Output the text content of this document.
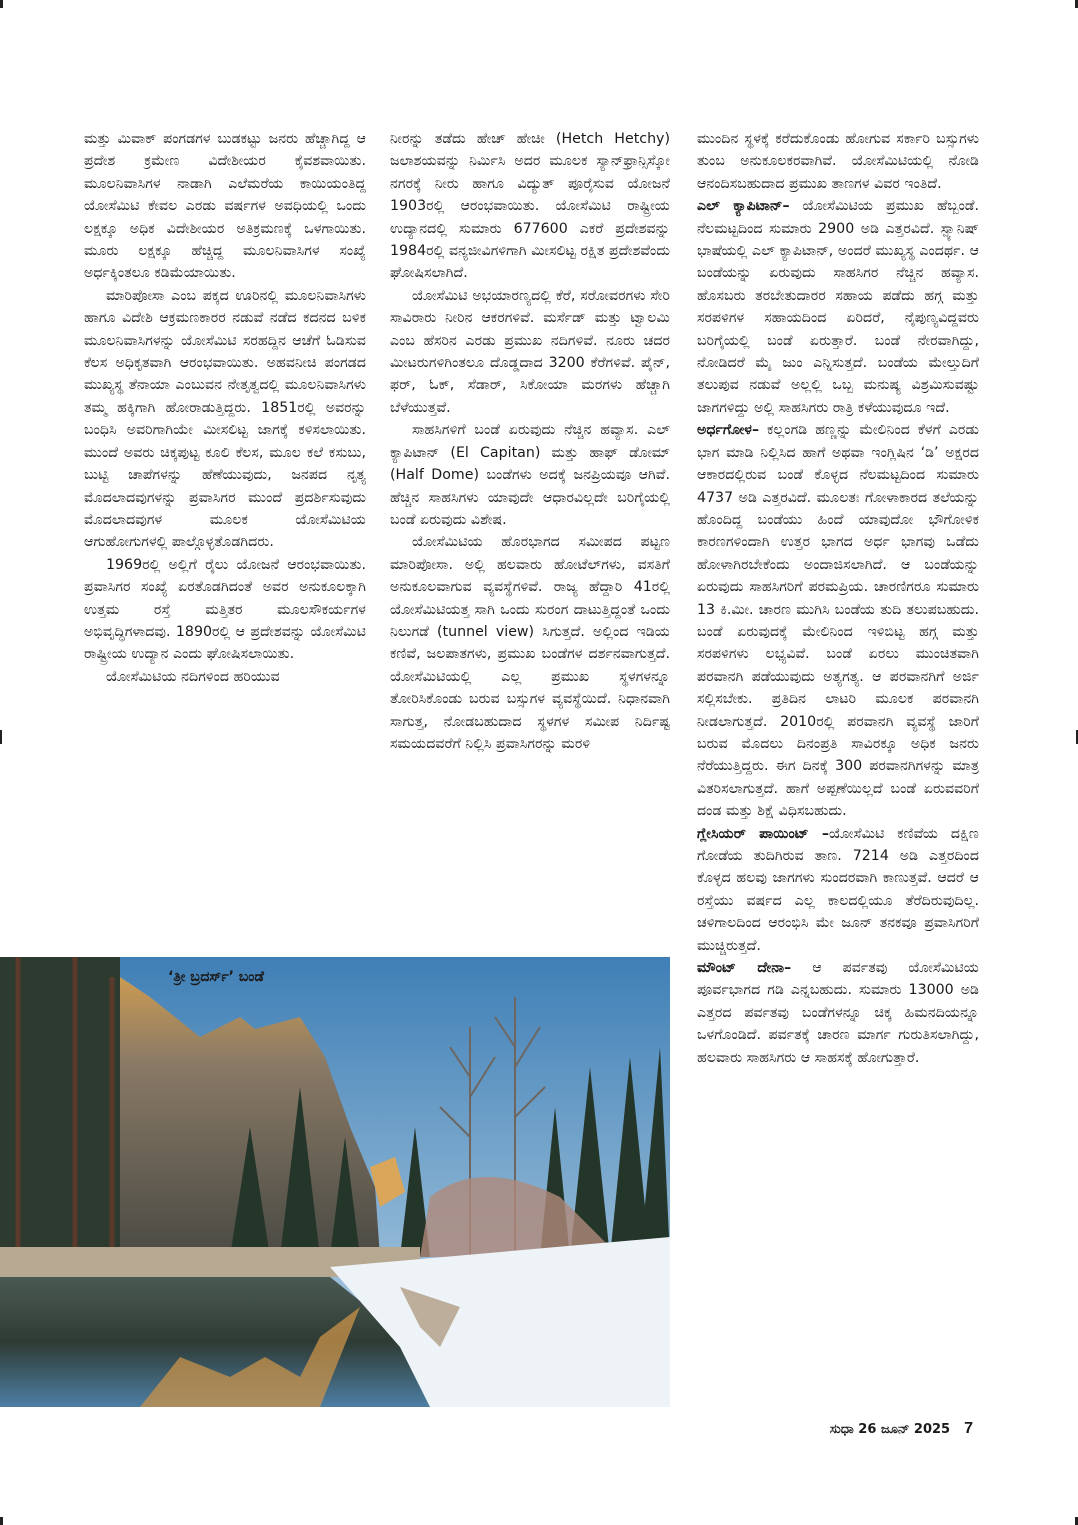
ಮತ್ತು ಮಿವಾಕ್ ಪಂಗಡಗಳ ಬುಡಕಟ್ಟು ಜನರು ಹೆಚ್ಚಾಗಿದ್ದ ಆ ಪ್ರದೇಶ ಕ್ರಮೇಣ ವಿದೇಶೀಯರ ಕೈವಶವಾಯಿತು. ಮೂಲನಿವಾಸಿಗಳ ನಾಡಾಗಿ ಎಲೆಮರೆಯ ಕಾಯಿಯಂತಿದ್ದ ಯೋಸೆಮಿಟಿ ಕೇವಲ ಎರಡು ವರ್ಷಗಳ ಅವಧಿಯಲ್ಲಿ ಒಂದು ಲಕ್ಷಕ್ಕೂ ಅಧಿಕ ವಿದೇಶೀಯರ ಅತಿಕ್ರಮಣಕ್ಕೆ ಒಳಗಾಯಿತು. ಮೂರು ಲಕ್ಷಕ್ಕೂ ಹೆಚ್ಚಿದ್ದ ಮೂಲನಿವಾಸಿಗಳ ಸಂಖ್ಯೆ ಅರ್ಧಕ್ಕಿಂತಲೂ ಕಡಿಮೆಯಾಯಿತು.

ಮಾರಿಪೋಸಾ ಎಂಬ ಪಕ್ಕದ ಊರಿನಲ್ಲಿ ಮೂಲನಿವಾಸಿಗಳು ಹಾಗೂ ವಿದೇಶಿ ಆಕ್ರಮಣಕಾರರ ನಡುವೆ ನಡೆದ ಕದನದ ಬಳಿಕ ಮೂಲನಿವಾಸಿಗಳನ್ನು ಯೋಸೆಮಿಟಿ ಸರಹದ್ದಿನ ಆಚೆಗೆ ಓಡಿಸುವ ಕೆಲಸ ಅಧಿಕೃತವಾಗಿ ಆರಂಭವಾಯಿತು. ಅಹವನೀಚಿ ಪಂಗಡದ ಮುಖ್ಯಸ್ಥ ತೆನಾಯಾ ಎಂಬುವನ ನೇತೃತ್ವದಲ್ಲಿ ಮೂಲನಿವಾಸಿಗಳು ತಮ್ಮ ಹಕ್ಕಿಗಾಗಿ ಹೋರಾಡುತ್ತಿದ್ದರು. 1851ರಲ್ಲಿ ಅವರನ್ನು ಬಂಧಿಸಿ ಅವರಿಗಾಗಿಯೇ ಮೀಸಲಿಟ್ಟ ಜಾಗಕ್ಕೆ ಕಳಿಸಲಾಯಿತು. ಮುಂದೆ ಅವರು ಚಿಕ್ಕಪುಟ್ಟ ಕೂಲಿ ಕೆಲಸ, ಮೂಲ ಕಲೆ ಕಸುಬು, ಬುಟ್ಟಿ ಚಾಪೆಗಳನ್ನು ಹೆಣೆಯುವುದು, ಜನಪದ ನೃತ್ಯ ಮೊದಲಾದವುಗಳನ್ನು ಪ್ರವಾಸಿಗರ ಮುಂದೆ ಪ್ರದರ್ಶಿಸುವುದು ಮೊದಲಾದವುಗಳ ಮೂಲಕ ಯೋಸೆಮಿಟಿಯ ಆಗುಹೋಗುಗಳಲ್ಲಿ ಪಾಲ್ಗೊಳ್ಳತೊಡಗಿದರು.

1969ರಲ್ಲಿ ಅಲ್ಲಿಗೆ ರೈಲು ಯೋಜನೆ ಆರಂಭವಾಯಿತು. ಪ್ರವಾಸಿಗರ ಸಂಖ್ಯೆ ಏರತೊಡಗಿದಂತೆ ಅವರ ಅನುಕೂಲಕ್ಕಾಗಿ ಉತ್ತಮ ರಸ್ತೆ ಮತ್ತಿತರ ಮೂಲಸೌಕರ್ಯಗಳ ಅಭಿವೃದ್ಧಿಗಳಾದವು. 1890ರಲ್ಲಿ ಆ ಪ್ರದೇಶವನ್ನು ಯೋಸೆಮಿಟಿ ರಾಷ್ಟ್ರೀಯ ಉದ್ಯಾನ ಎಂದು ಘೋಷಿಸಲಾಯಿತು.

ಯೋಸೆಮಿಟಿಯ ನದಿಗಳಿಂದ ಹರಿಯುವ

ನೀರನ್ನು ತಡೆದು ಹೇಚ್ ಹೇಚೀ (Hetch Hetchy) ಜಲಾಶಯವನ್ನು ನಿರ್ಮಿಸಿ ಅದರ ಮೂಲಕ ಸ್ಯಾನ್‌ಫ್ರಾನ್ಸಿಸ್ಕೋ ನಗರಕ್ಕೆ ನೀರು ಹಾಗೂ ವಿದ್ಯುತ್ ಪೂರೈಸುವ ಯೋಜನೆ 1903ರಲ್ಲಿ ಆರಂಭವಾಯಿತು. ಯೋಸೆಮಿಟಿ ರಾಷ್ಟ್ರೀಯ ಉದ್ಯಾನದಲ್ಲಿ ಸುಮಾರು 677600 ಎಕರೆ ಪ್ರದೇಶವನ್ನು 1984ರಲ್ಲಿ ವನ್ಯಜೀವಿಗಳಿಗಾಗಿ ಮೀಸಲಿಟ್ಟ ರಕ್ಷಿತ ಪ್ರದೇಶವೆಂದು ಘೋಷಿಸಲಾಗಿದೆ.

ಯೋಸೆಮಿಟಿ ಅಭಯಾರಣ್ಯದಲ್ಲಿ ಕೆರೆ, ಸರೋವರಗಳು ಸೇರಿ ಸಾವಿರಾರು ನೀರಿನ ಆಕರಗಳಿವೆ. ಮರ್ಸೆಡ್ ಮತ್ತು ಟ್ವಾಲಮಿ ಎಂಬ ಹೆಸರಿನ ಎರಡು ಪ್ರಮುಖ ನದಿಗಳಿವೆ. ನೂರು ಚದರ ಮೀಟರುಗಳಿಗಿಂತಲೂ ದೊಡ್ಡದಾದ 3200 ಕೆರೆಗಳಿವೆ. ಪೈನ್, ಫರ್, ಓಕ್, ಸೆಡಾರ್, ಸಿಕೋಯಾ ಮರಗಳು ಹೆಚ್ಚಾಗಿ ಬೆಳೆಯುತ್ತವೆ.

ಸಾಹಸಿಗಳಿಗೆ ಬಂಡೆ ಏರುವುದು ನೆಚ್ಚಿನ ಹವ್ಯಾಸ. ಎಲ್ ಕ್ಯಾಪಿಟಾನ್ (El Capitan) ಮತ್ತು ಹಾಫ್ ಡೋಮ್ (Half Dome) ಬಂಡೆಗಳು ಅದಕ್ಕೆ ಜನಪ್ರಿಯವೂ ಆಗಿವೆ. ಹೆಚ್ಚಿನ ಸಾಹಸಿಗಳು ಯಾವುದೇ ಆಧಾರವಿಲ್ಲದೇ ಬರಿಗೈಯಲ್ಲಿ ಬಂಡೆ ಏರುವುದು ವಿಶೇಷ.

ಯೋಸೆಮಿಟಿಯ ಹೊರಭಾಗದ ಸಮೀಪದ ಪಟ್ಟಣ ಮಾರಿಪೋಸಾ. ಅಲ್ಲಿ ಹಲವಾರು ಹೋಟೆಲ್‌ಗಳು, ವಸತಿಗೆ ಅನುಕೂಲವಾಗುವ ವ್ಯವಸ್ಥೆಗಳಿವೆ. ರಾಜ್ಯ ಹೆದ್ದಾರಿ 41ರಲ್ಲಿ ಯೋಸೆಮಿಟಿಯತ್ತ ಸಾಗಿ ಒಂದು ಸುರಂಗ ದಾಟುತ್ತಿದ್ದಂತೆ ಒಂದು ನಿಲುಗಡೆ (tunnel view) ಸಿಗುತ್ತದೆ. ಅಲ್ಲಿಂದ ಇಡಿಯ ಕಣಿವೆ, ಜಲಪಾತಗಳು, ಪ್ರಮುಖ ಬಂಡೆಗಳ ದರ್ಶನವಾಗುತ್ತದೆ. ಯೋಸೆಮಿಟಿಯಲ್ಲಿ ಎಲ್ಲ ಪ್ರಮುಖ ಸ್ಥಳಗಳನ್ನೂ ತೋರಿಸಿಕೊಂಡು ಬರುವ ಬಸ್ಸುಗಳ ವ್ಯವಸ್ಥೆಯಿದೆ. ನಿಧಾನವಾಗಿ ಸಾಗುತ್ತ, ನೋಡಬಹುದಾದ ಸ್ಥಳಗಳ ಸಮೀಪ ನಿರ್ದಿಷ್ಟ ಸಮಯದವರೆಗೆ ನಿಲ್ಲಿಸಿ ಪ್ರವಾಸಿಗರನ್ನು ಮರಳಿ

ಮುಂದಿನ ಸ್ಥಳಕ್ಕೆ ಕರೆದುಕೊಂಡು ಹೋಗುವ ಸರ್ಕಾರಿ ಬಸ್ಸುಗಳು ತುಂಬ ಅನುಕೂಲಕರವಾಗಿವೆ. ಯೋಸೆಮಿಟಿಯಲ್ಲಿ ನೋಡಿ ಆನಂದಿಸಬಹುದಾದ ಪ್ರಮುಖ ತಾಣಗಳ ವಿವರ ಇಂತಿದೆ.

ಎಲ್ ಕ್ಯಾಪಿಟಾನ್– ಯೋಸೆಮಿಟಿಯ ಪ್ರಮುಖ ಹೆಬ್ಬಂಡೆ. ನೆಲಮಟ್ಟದಿಂದ ಸುಮಾರು 2900 ಅಡಿ ಎತ್ತರವಿದೆ. ಸ್ಪ್ಯಾನಿಷ್ ಭಾಷೆಯಲ್ಲಿ ಎಲ್ ಕ್ಯಾಪಿಟಾನ್, ಅಂದರೆ ಮುಖ್ಯಸ್ಥ ಎಂದರ್ಥ. ಆ ಬಂಡೆಯನ್ನು ಏರುವುದು ಸಾಹಸಿಗರ ನೆಚ್ಚಿನ ಹವ್ಯಾಸ. ಹೊಸಬರು ತರಬೇತುದಾರರ ಸಹಾಯ ಪಡೆದು ಹಗ್ಗ ಮತ್ತು ಸರಪಳಿಗಳ ಸಹಾಯದಿಂದ ಏರಿದರೆ, ನೈಪುಣ್ಯವಿದ್ದವರು ಬರಿಗೈಯಲ್ಲಿ ಬಂಡೆ ಏರುತ್ತಾರೆ. ಬಂಡೆ ನೇರವಾಗಿದ್ದು, ನೋಡಿದರೆ ಮೈ ಜುಂ ಎನ್ನಿಸುತ್ತದೆ. ಬಂಡೆಯ ಮೇಲ್ತುದಿಗೆ ತಲುಪುವ ನಡುವೆ ಅಲ್ಲಲ್ಲಿ ಒಬ್ಬ ಮನುಷ್ಯ ವಿಶ್ರಮಿಸುವಷ್ಟು ಜಾಗಗಳಿದ್ದು ಅಲ್ಲಿ ಸಾಹಸಿಗರು ರಾತ್ರಿ ಕಳೆಯುವುದೂ ಇದೆ.

ಅರ್ಧಗೋಳ– ಕಲ್ಲಂಗಡಿ ಹಣ್ಣನ್ನು ಮೇಲಿನಿಂದ ಕೆಳಗೆ ಎರಡು ಭಾಗ ಮಾಡಿ ನಿಲ್ಲಿಸಿದ ಹಾಗೆ ಅಥವಾ ಇಂಗ್ಲಿಷಿನ ‘ಡಿ’ ಅಕ್ಷರದ ಆಕಾರದಲ್ಲಿರುವ ಬಂಡೆ ಕೊಳ್ಳದ ನೆಲಮಟ್ಟದಿಂದ ಸುಮಾರು 4737 ಅಡಿ ಎತ್ತರವಿದೆ. ಮೂಲತಃ ಗೋಳಾಕಾರದ ತಲೆಯನ್ನು ಹೊಂದಿದ್ದ ಬಂಡೆಯು ಹಿಂದೆ ಯಾವುದೋ ಭೌಗೋಳಿಕ ಕಾರಣಗಳಿಂದಾಗಿ ಉತ್ತರ ಭಾಗದ ಅರ್ಧ ಭಾಗವು ಒಡೆದು ಹೋಳಾಗಿರಬೇಕೆಂದು ಅಂದಾಜಿಸಲಾಗಿದೆ. ಆ ಬಂಡೆಯನ್ನು ಏರುವುದು ಸಾಹಸಿಗರಿಗೆ ಪರಮಪ್ರಿಯ. ಚಾರಣಿಗರೂ ಸುಮಾರು 13 ಕಿ.ಮೀ. ಚಾರಣ ಮುಗಿಸಿ ಬಂಡೆಯ ತುದಿ ತಲುಪಬಹುದು. ಬಂಡೆ ಏರುವುದಕ್ಕೆ ಮೇಲಿನಿಂದ ಇಳಿಬಿಟ್ಟ ಹಗ್ಗ ಮತ್ತು ಸರಪಳಿಗಳು ಲಭ್ಯವಿವೆ. ಬಂಡೆ ಏರಲು ಮುಂಚಿತವಾಗಿ ಪರವಾನಗಿ ಪಡೆಯುವುದು ಅತ್ಯಗತ್ಯ. ಆ ಪರವಾನಗಿಗೆ ಅರ್ಜಿ ಸಲ್ಲಿಸಬೇಕು. ಪ್ರತಿದಿನ ಲಾಟರಿ ಮೂಲಕ ಪರವಾನಗಿ ನೀಡಲಾಗುತ್ತದೆ. 2010ರಲ್ಲಿ ಪರವಾನಗಿ ವ್ಯವಸ್ಥೆ ಜಾರಿಗೆ ಬರುವ ಮೊದಲು ದಿನಂಪ್ರತಿ ಸಾವಿರಕ್ಕೂ ಅಧಿಕ ಜನರು ನೆರೆಯುತ್ತಿದ್ದರು. ಈಗ ದಿನಕ್ಕೆ 300 ಪರವಾನಗಿಗಳನ್ನು ಮಾತ್ರ ವಿತರಿಸಲಾಗುತ್ತದೆ. ಹಾಗೆ ಅಪ್ಪಣೆಯಿಲ್ಲದೆ ಬಂಡೆ ಏರುವವರಿಗೆ ದಂಡ ಮತ್ತು ಶಿಕ್ಷೆ ವಿಧಿಸಬಹುದು.

ಗ್ಲೇಸಿಯರ್ ಪಾಯಿಂಟ್ –ಯೋಸೆಮಿಟಿ ಕಣಿವೆಯ ದಕ್ಷಿಣ ಗೋಡೆಯ ತುದಿಗಿರುವ ತಾಣ. 7214 ಅಡಿ ಎತ್ತರದಿಂದ ಕೊಳ್ಳದ ಹಲವು ಜಾಗಗಳು ಸುಂದರವಾಗಿ ಕಾಣುತ್ತವೆ. ಆದರೆ ಆ ರಸ್ತೆಯು ವರ್ಷದ ಎಲ್ಲ ಕಾಲದಲ್ಲಿಯೂ ತೆರೆದಿರುವುದಿಲ್ಲ. ಚಳಿಗಾಲದಿಂದ ಆರಂಭಿಸಿ ಮೇ ಜೂನ್ ತನಕವೂ ಪ್ರವಾಸಿಗರಿಗೆ ಮುಚ್ಚಿರುತ್ತದೆ.

ಮೌಂಟ್ ದೇನಾ– ಆ ಪರ್ವತವು ಯೋಸೆಮಿಟಿಯ ಪೂರ್ವಭಾಗದ ಗಡಿ ಎನ್ನಬಹುದು. ಸುಮಾರು 13000 ಅಡಿ ಎತ್ತರದ ಪರ್ವತವು ಬಂಡೆಗಳನ್ನೂ ಚಿಕ್ಕ ಹಿಮನದಿಯನ್ನೂ ಒಳಗೊಂಡಿದೆ. ಪರ್ವತಕ್ಕೆ ಚಾರಣ ಮಾರ್ಗ ಗುರುತಿಸಲಾಗಿದ್ದು, ಹಲವಾರು ಸಾಹಸಿಗರು ಆ ಸಾಹಸಕ್ಕೆ ಹೋಗುತ್ತಾರೆ.

‘ತ್ರೀ ಬ್ರದರ್ಸ್’ ಬಂಡೆ
ಸುಧಾ 26 ಜೂನ್ 2025 7
